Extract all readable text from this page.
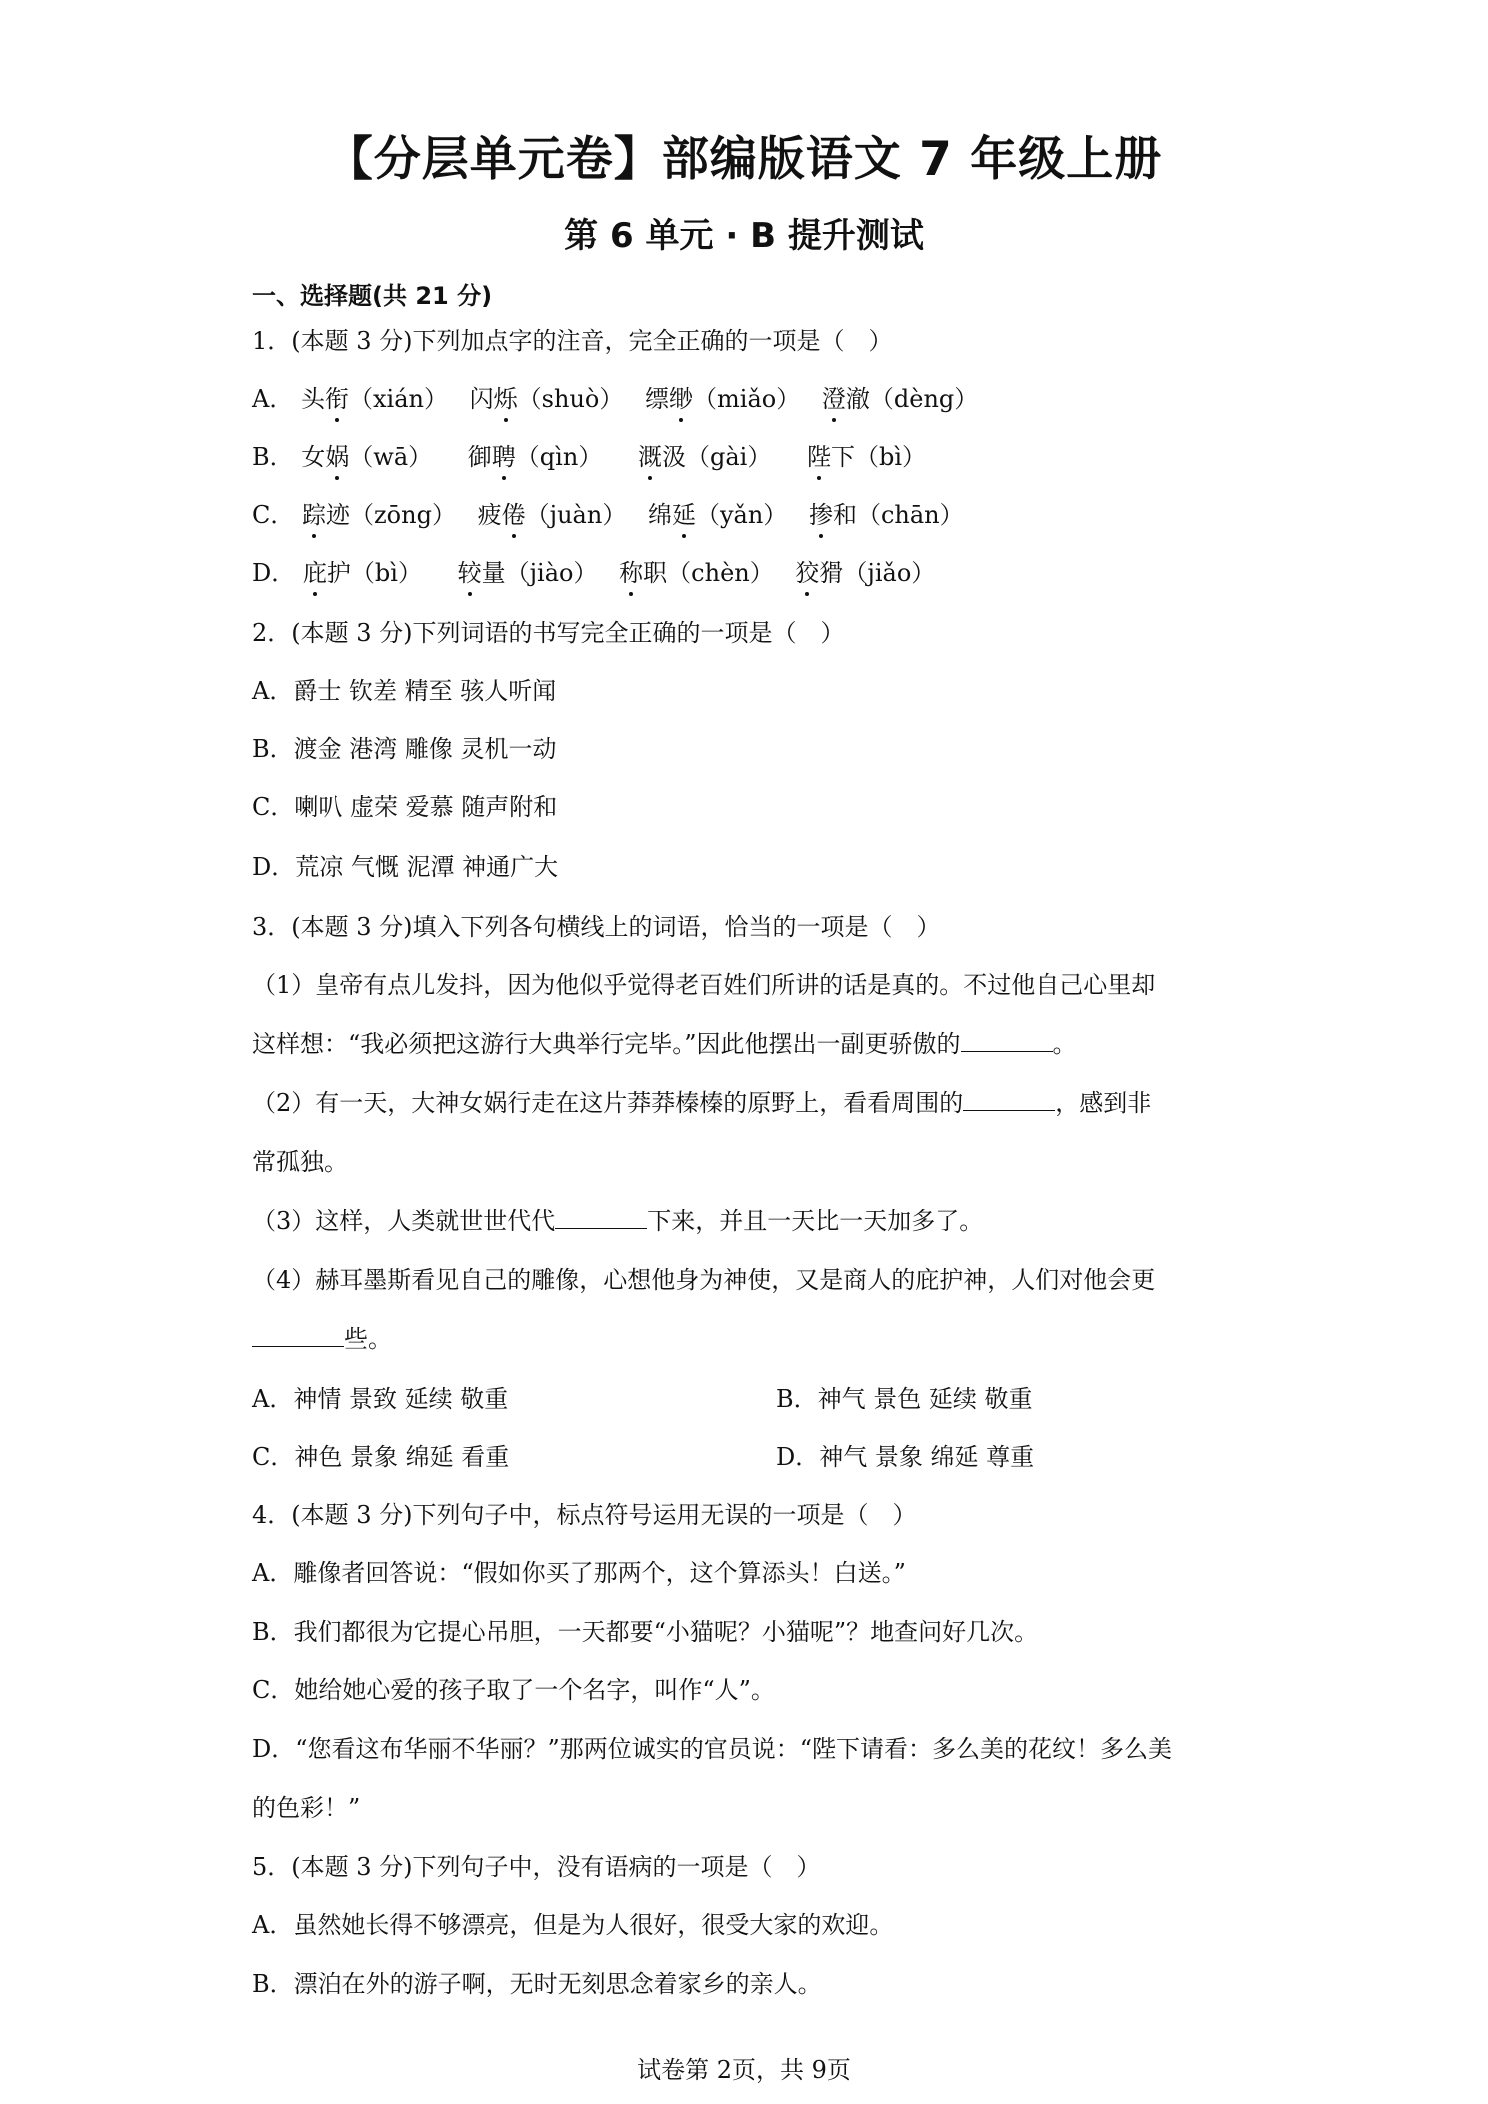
【分层单元卷】部编版语文 7 年级上册
第 6 单元 · B 提升测试
一、选择题(共 21 分)
1．(本题 3 分)下列加点字的注音，完全正确的一项是（　）
A． 头衔（xián） 闪烁（shuò） 缥缈（miǎo） 澄澈（dèng）
B． 女娲（wā） 御聘（qìn） 溉汲（gài） 陛下（bì）
C． 踪迹（zōng） 疲倦（juàn） 绵延（yǎn） 掺和（chān）
D． 庇护（bì） 较量（jiào） 称职（chèn） 狡猾（jiǎo）
2．(本题 3 分)下列词语的书写完全正确的一项是（　）
A．爵士 钦差 精至 骇人听闻
B．渡金 港湾 雕像 灵机一动
C．喇叭 虚荣 爱慕 随声附和
D．荒凉 气慨 泥潭 神通广大
3．(本题 3 分)填入下列各句横线上的词语，恰当的一项是（　）
（1）皇帝有点儿发抖，因为他似乎觉得老百姓们所讲的话是真的。不过他自己心里却
这样想：“我必须把这游行大典举行完毕。”因此他摆出一副更骄傲的	。
（2）有一天，大神女娲行走在这片莽莽榛榛的原野上，看看周围的	，感到非
常孤独。
（3）这样，人类就世世代代	下来，并且一天比一天加多了。
（4）赫耳墨斯看见自己的雕像，心想他身为神使，又是商人的庇护神，人们对他会更
些。
A．神情 景致 延续 敬重	B．神气 景色 延续 敬重
C．神色 景象 绵延 看重	D．神气 景象 绵延 尊重
4．(本题 3 分)下列句子中，标点符号运用无误的一项是（　）
A．雕像者回答说：“假如你买了那两个，这个算添头！白送。”
B．我们都很为它提心吊胆，一天都要“小猫呢？小猫呢”？地查问好几次。
C．她给她心爱的孩子取了一个名字，叫作“人”。
D．“您看这布华丽不华丽？”那两位诚实的官员说：“陛下请看：多么美的花纹！多么美
的色彩！”
5．(本题 3 分)下列句子中，没有语病的一项是（　）
A．虽然她长得不够漂亮，但是为人很好，很受大家的欢迎。
B．漂泊在外的游子啊，无时无刻思念着家乡的亲人。
试卷第 2页，共 9页
